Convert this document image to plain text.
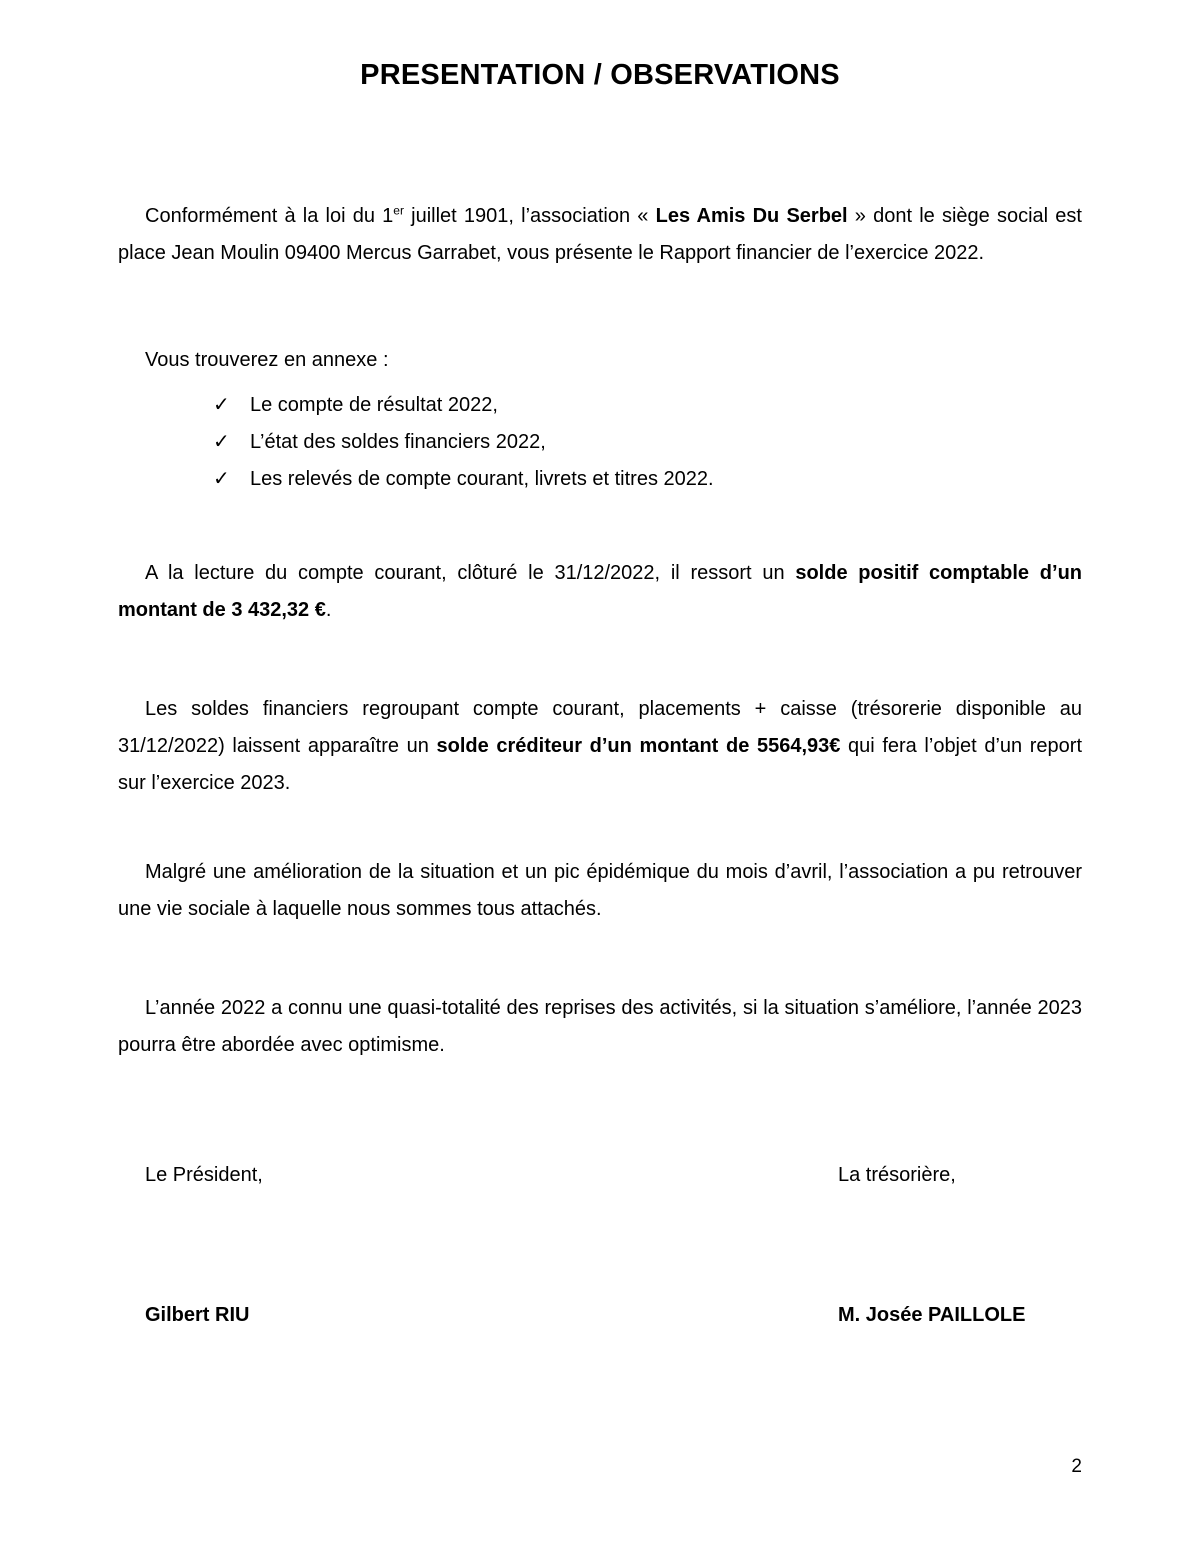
PRESENTATION / OBSERVATIONS

Conformément à la loi du 1er juillet 1901, l’association « Les Amis Du Serbel » dont le siège social est place Jean Moulin 09400 Mercus Garrabet, vous présente le Rapport financier de l’exercice 2022.

Vous trouverez en annexe :

✓ Le compte de résultat 2022,
✓ L’état des soldes financiers 2022,
✓ Les relevés de compte courant, livrets et titres 2022.

A la lecture du compte courant, clôturé le 31/12/2022, il ressort un solde positif comptable d’un montant de 3 432,32 €.

Les soldes financiers regroupant compte courant, placements + caisse (trésorerie disponible au 31/12/2022) laissent apparaître un solde créditeur d’un montant de 5564,93€ qui fera l’objet d’un report sur l’exercice 2023.

Malgré une amélioration de la situation et un pic épidémique du mois d’avril, l’association a pu retrouver une vie sociale à laquelle nous sommes tous attachés.

L’année 2022 a connu une quasi-totalité des reprises des activités, si la situation s’améliore, l’année 2023 pourra être abordée avec optimisme.

Le Président,	La trésorière,
Gilbert RIU	M. Josée PAILLOLE
2
